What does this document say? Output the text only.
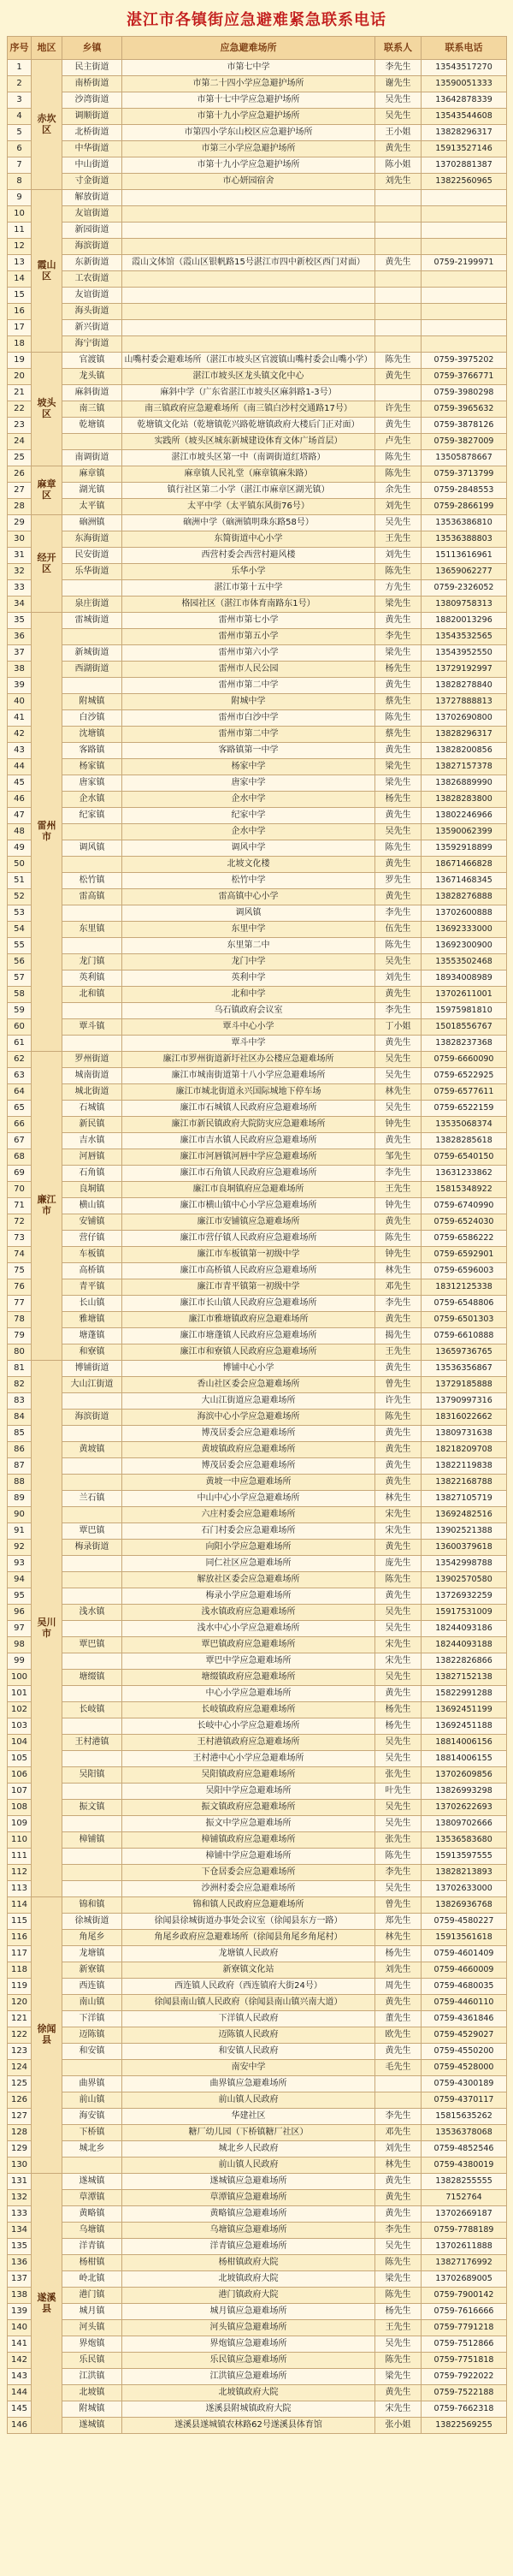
湛江市各镇街应急避难紧急联系电话
序号	地区	乡镇	应急避难场所	联系人	联系电话
1	赤坎区	民主街道	市第七中学	李先生	13543517270
2		南桥街道	市第二十四小学应急避护场所	谢先生	13590051333
3		沙湾街道	市第十七中学应急避护场所	吴先生	13642878339
4		调顺街道	市第十九小学应急避护场所	吴先生	13543544608
5		北桥街道	市第四小学东山校区应急避护场所	王小姐	13828296317
6		中华街道	市第三小学应急避护场所	黄先生	15913527146
7		中山街道	市第十九小学应急避护场所	陈小姐	13702881387
8		寸金街道	市心妍园宿舍	刘先生	13822560965
9	霞山区	解放街道			
10		友谊街道			
11		新园街道			
12		海滨街道			
13		东新街道	霞山文体馆（霞山区银帆路15号湛江市四中新校区西门对面）	黄先生	0759-2199971
14		工农街道			
15		友谊街道			
16		海头街道			
17		新兴街道			
18		海宁街道			
19	坡头区	官渡镇	山嘴村委会避难场所（湛江市坡头区官渡镇山嘴村委会山嘴小学）	陈先生	0759-3975202
20		龙头镇	湛江市坡头区龙头镇文化中心	黄先生	0759-3766771
21		麻斜街道	麻斜中学（广东省湛江市坡头区麻斜路1-3号）		0759-3980298
22		南三镇	南三镇政府应急避难场所（南三镇白沙村交通路17号）	许先生	0759-3965632
23		乾塘镇	乾塘镇文化站（乾塘镇乾兴路乾塘镇政府大楼后门正对面）	黄先生	0759-3878126
24			实践所（坡头区城东新城建设体育文体广场首层）	卢先生	0759-3827009
25		南调街道	湛江市坡头区第一中（南调街道红塔路）	陈先生	13505878667
26	麻章区	麻章镇	麻章镇人民礼堂（麻章镇麻朱路）	陈先生	0759-3713799
27		湖光镇	镇行社区第二小学（湛江市麻章区湖光镇）	余先生	0759-2848553
28		太平镇	太平中学（太平镇东风街76号）	刘先生	0759-2866199
29	经开区	硇洲镇	硇洲中学（硇洲镇明珠东路58号）	吴先生	13536386810
30		东海街道	东简街道中心小学	王先生	13536388803
31		民安街道	西营村委会西营村避风楼	刘先生	15113616961
32		乐华街道	乐华小学	陈先生	13659062277
33			湛江市第十五中学	方先生	0759-2326052
34		泉庄街道	格园社区（湛江市体育南路东1号）	梁先生	13809758313
35	雷州市	雷城街道	雷州市第七小学	黄先生	18820013296
36			雷州市第五小学	李先生	13543532565
37		新城街道	雷州市第六小学	梁先生	13543952550
38		西湖街道	雷州市人民公园	杨先生	13729192997
39			雷州市第二中学	黄先生	13828278840
40		附城镇	附城中学	蔡先生	13727888813
41		白沙镇	雷州市白沙中学	陈先生	13702690800
42		沈塘镇	雷州市第二中学	蔡先生	13828296317
43		客路镇	客路镇第一中学	黄先生	13828200856
44		杨家镇	杨家中学	梁先生	13827157378
45		唐家镇	唐家中学	梁先生	13826889990
46		企水镇	企水中学	杨先生	13828283800
47		纪家镇	纪家中学	黄先生	13802246966
48			企水中学	吴先生	13590062399
49		调风镇	调风中学	陈先生	13592918899
50			北坡文化楼	黄先生	18671466828
51		松竹镇	松竹中学	罗先生	13671468345
52		雷高镇	雷高镇中心小学	黄先生	13828276888
53			调风镇	李先生	13702600888
54		东里镇	东里中学	伍先生	13692333000
55			东里第二中	陈先生	13692300900
56		龙门镇	龙门中学	吴先生	13553502468
57		英利镇	英利中学	刘先生	18934008989
58		北和镇	北和中学	黄先生	13702611001
59			乌石镇政府会议室	李先生	15975981810
60		覃斗镇	覃斗中心小学	丁小姐	15018556767
61			覃斗中学	黄先生	13828237368
62	廉江市	罗州街道	廉江市罗州街道新圩社区办公楼应急避难场所	吴先生	0759-6660090
63		城南街道	廉江市城南街道第十八小学应急避难场所	吴先生	0759-6522925
64		城北街道	廉江市城北街道永兴国际城地下停车场	林先生	0759-6577611
65		石城镇	廉江市石城镇人民政府应急避难场所	吴先生	0759-6522159
66		新民镇	廉江市新民镇政府大院防灾应急避难场所	钟先生	13535068374
67		吉水镇	廉江市吉水镇人民政府应急避难场所	黄先生	13828285618
68		河唇镇	廉江市河唇镇河唇中学应急避难场所	邹先生	0759-6540150
69		石角镇	廉江市石角镇人民政府应急避难场所	李先生	13631233862
70		良垌镇	廉江市良垌镇府应急避难场所	王先生	15815348922
71		横山镇	廉江市横山镇中心小学应急避难场所	钟先生	0759-6740990
72		安铺镇	廉江市安铺镇应急避难场所	黄先生	0759-6524030
73		营仔镇	廉江市营仔镇人民政府应急避难场所	陈先生	0759-6586222
74		车板镇	廉江市车板镇第一初级中学	钟先生	0759-6592901
75		高桥镇	廉江市高桥镇人民政府应急避难场所	林先生	0759-6596003
76		青平镇	廉江市青平镇第一初级中学	邓先生	18312125338
77		长山镇	廉江市长山镇人民政府应急避难场所	李先生	0759-6548806
78		雅塘镇	廉江市雅塘镇政府应急避难场所	黄先生	0759-6501303
79		塘蓬镇	廉江市塘蓬镇人民政府应急避难场所	揭先生	0759-6610888
80		和寮镇	廉江市和寮镇人民政府应急避难场所	王先生	13659736765
81	吴川市	博铺街道	博铺中心小学	黄先生	13536356867
82		大山江街道	香山社区委会应急避难场所	曾先生	13729185888
83			大山江街道应急避难场所	许先生	13790997316
84		海滨街道	海滨中心小学应急避难场所	陈先生	18316022662
85			博茂居委会应急避难场所	黄先生	13809731638
86		黄坡镇	黄坡镇政府应急避难场所	黄先生	18218209708
87			博茂居委会应急避难场所	黄先生	13822119838
88			黄坡一中应急避难场所	黄先生	13822168788
89		兰石镇	中山中心小学应急避难场所	林先生	13827105719
90			六庄村委会应急避难场所	宋先生	13692482516
91		覃巴镇	石门村委会应急避难场所	宋先生	13902521388
92		梅录街道	向阳小学应急避难场所	黄先生	13600379618
93			同仁社区应急避难场所	庞先生	13542998788
94			解放社区委会应急避难场所	陈先生	13902570580
95			梅录小学应急避难场所	黄先生	13726932259
96		浅水镇	浅水镇政府应急避难场所	吴先生	15917531009
97			浅水中心小学应急避难场所	吴先生	18244093186
98		覃巴镇	覃巴镇政府应急避难场所	宋先生	18244093188
99			覃巴中学应急避难场所	宋先生	13822826866
100		塘缀镇	塘缀镇政府应急避难场所	吴先生	13827152138
101			中心小学应急避难场所	黄先生	15822991288
102		长岐镇	长岐镇政府应急避难场所	杨先生	13692451199
103			长岐中心小学应急避难场所	杨先生	13692451188
104		王村港镇	王村港镇政府应急避难场所	吴先生	18814006156
105			王村港中心小学应急避难场所	吴先生	18814006155
106		吴阳镇	吴阳镇政府应急避难场所	张先生	13702609856
107			吴阳中学应急避难场所	叶先生	13826993298
108		振文镇	振文镇政府应急避难场所	吴先生	13702622693
109			振文中学应急避难场所	吴先生	13809702666
110		樟铺镇	樟铺镇政府应急避难场所	张先生	13536583680
111			樟铺中学应急避难场所	陈先生	15913597555
112			下仓居委会应急避难场所	李先生	13828213893
113			沙洲村委会应急避难场所	吴先生	13702633000
114	徐闻县	锦和镇	锦和镇人民政府应急避难场所	曾先生	13826936768
115		徐城街道	徐闻县徐城街道办事处会议室（徐闻县东方一路）	郑先生	0759-4580227
116		角尾乡	角尾乡政府应急避难场所（徐闻县角尾乡角尾村）	林先生	15913561618
117		龙塘镇	龙塘镇人民政府	杨先生	0759-4601409
118		新寮镇	新寮镇文化站	刘先生	0759-4660009
119		西连镇	西连镇人民政府（西连镇府大街24号）	周先生	0759-4680035
120		南山镇	徐闻县南山镇人民政府（徐闻县南山镇兴南大道）	黄先生	0759-4460110
121		下洋镇	下洋镇人民政府	董先生	0759-4361846
122		迈陈镇	迈陈镇人民政府	欧先生	0759-4529027
123		和安镇	和安镇人民政府	黄先生	0759-4550200
124			南安中学	毛先生	0759-4528000
125		曲界镇	曲界镇应急避难场所		0759-4300189
126		前山镇	前山镇人民政府		0759-4370117
127		海安镇	华建社区	李先生	15815635262
128		下桥镇	糖厂幼儿园（下桥镇糖厂社区）	邓先生	13536378068
129		城北乡	城北乡人民政府	刘先生	0759-4852546
130			前山镇人民政府	林先生	0759-4380019
131	遂溪县	遂城镇	遂城镇应急避难场所	黄先生	13828255555
132		草潭镇	草潭镇应急避难场所	黄先生	7152764
133		黄略镇	黄略镇应急避难场所	黄先生	13702669187
134		乌塘镇	乌塘镇应急避难场所	李先生	0759-7788189
135		洋青镇	洋青镇应急避难场所	吴先生	13702611888
136		杨柑镇	杨柑镇政府大院	陈先生	13827176992
137		岭北镇	北坡镇政府大院	梁先生	13702689005
138		港门镇	港门镇政府大院	陈先生	0759-7900142
139		城月镇	城月镇应急避难场所	杨先生	0759-7616666
140		河头镇	河头镇应急避难场所	王先生	0759-7791218
141		界炮镇	界炮镇应急避难场所	吴先生	0759-7512866
142		乐民镇	乐民镇应急避难场所	陈先生	0759-7751818
143		江洪镇	江洪镇应急避难场所	梁先生	0759-7922022
144		北坡镇	北坡镇政府大院	黄先生	0759-7522188
145		附城镇	遂溪县附城镇政府大院	宋先生	0759-7662318
146		遂城镇	遂溪县遂城镇农林路62号遂溪县体育馆	张小姐	13822569255
